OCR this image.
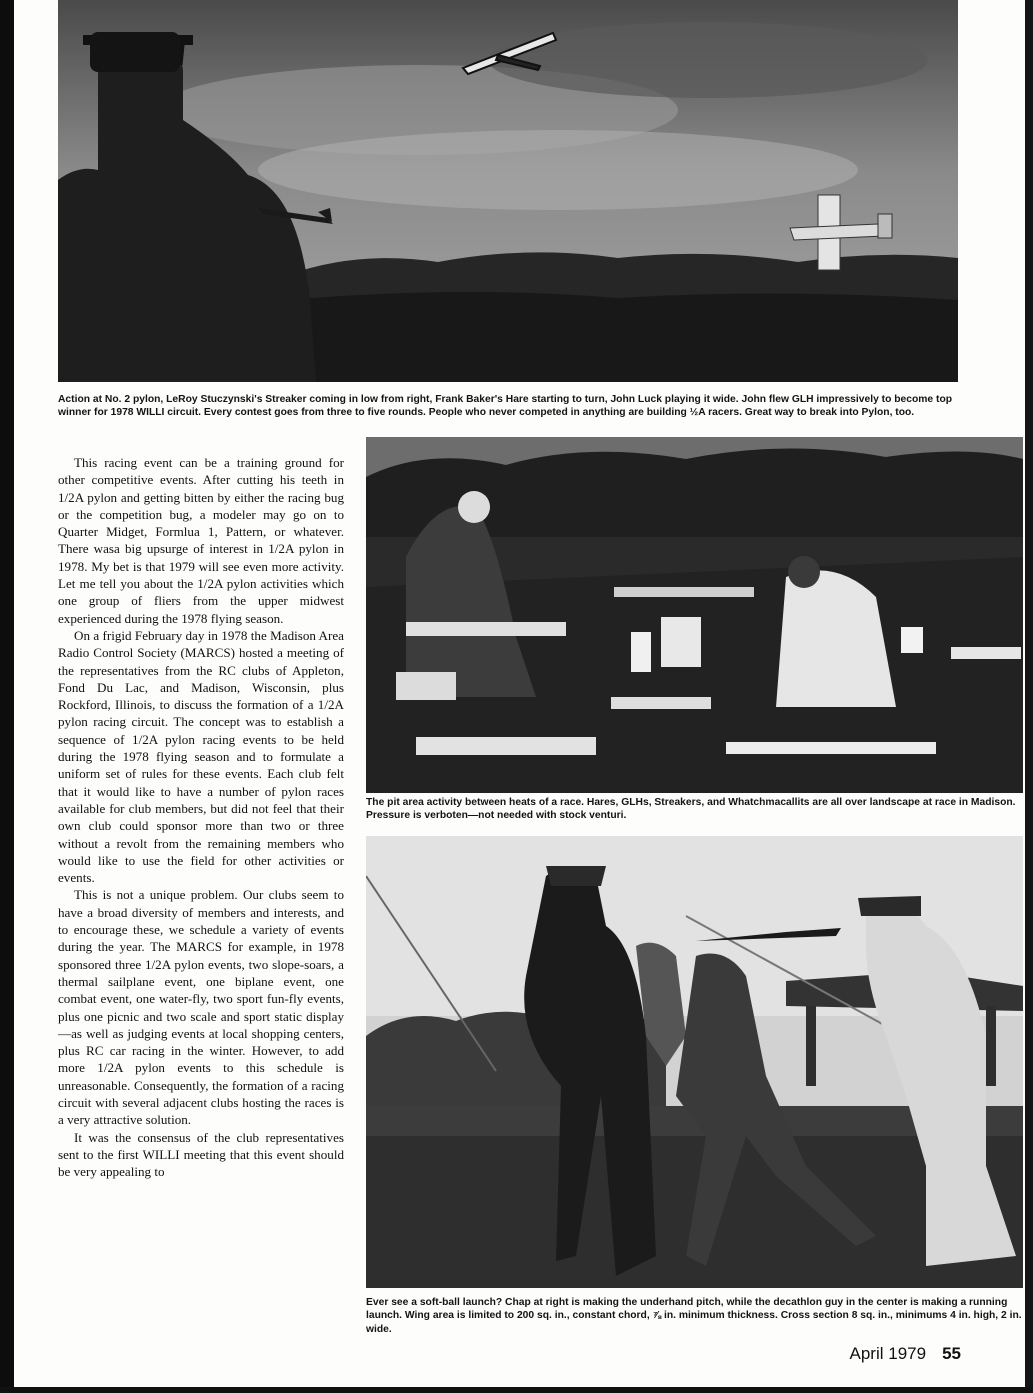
Action at No. 2 pylon, LeRoy Stuczynski's Streaker coming in low from right, Frank Baker's Hare starting to turn, John Luck playing it wide. John flew GLH impressively to become top winner for 1978 WILLI circuit. Every contest goes from three to five rounds. People who never competed in anything are building ½A racers. Great way to break into Pylon, too.

The pit area activity between heats of a race. Hares, GLHs, Streakers, and Whatchmacallits are all over landscape at race in Madison. Pressure is verboten—not needed with stock venturi.

Ever see a soft-ball launch? Chap at right is making the underhand pitch, while the decathlon guy in the center is making a running launch. Wing area is limited to 200 sq. in., constant chord, ⅞ in. minimum thickness. Cross section 8 sq. in., minimums 4 in. high, 2 in. wide.

This racing event can be a training ground for other competitive events. After cutting his teeth in 1/2A pylon and getting bitten by either the racing bug or the competition bug, a modeler may go on to Quarter Midget, Formlua 1, Pattern, or whatever. There wasa big upsurge of interest in 1/2A pylon in 1978. My bet is that 1979 will see even more activity. Let me tell you about the 1/2A pylon activities which one group of fliers from the upper midwest experienced during the 1978 flying season.

On a frigid February day in 1978 the Madison Area Radio Control Society (MARCS) hosted a meeting of the representatives from the RC clubs of Appleton, Fond Du Lac, and Madison, Wisconsin, plus Rockford, Illinois, to discuss the formation of a 1/2A pylon racing circuit. The concept was to establish a sequence of 1/2A pylon racing events to be held during the 1978 flying season and to formulate a uniform set of rules for these events. Each club felt that it would like to have a number of pylon races available for club members, but did not feel that their own club could sponsor more than two or three without a revolt from the remaining members who would like to use the field for other activities or events.

This is not a unique problem. Our clubs seem to have a broad diversity of members and interests, and to encourage these, we schedule a variety of events during the year. The MARCS for example, in 1978 sponsored three 1/2A pylon events, two slope-soars, a thermal sailplane event, one biplane event, one combat event, one water-fly, two sport fun-fly events, plus one picnic and two scale and sport static display—as well as judging events at local shopping centers, plus RC car racing in the winter. However, to add more 1/2A pylon events to this schedule is unreasonable. Consequently, the formation of a racing circuit with several adjacent clubs hosting the races is a very attractive solution.

It was the consensus of the club representatives sent to the first WILLI meeting that this event should be very appealing to

April 1979 55
